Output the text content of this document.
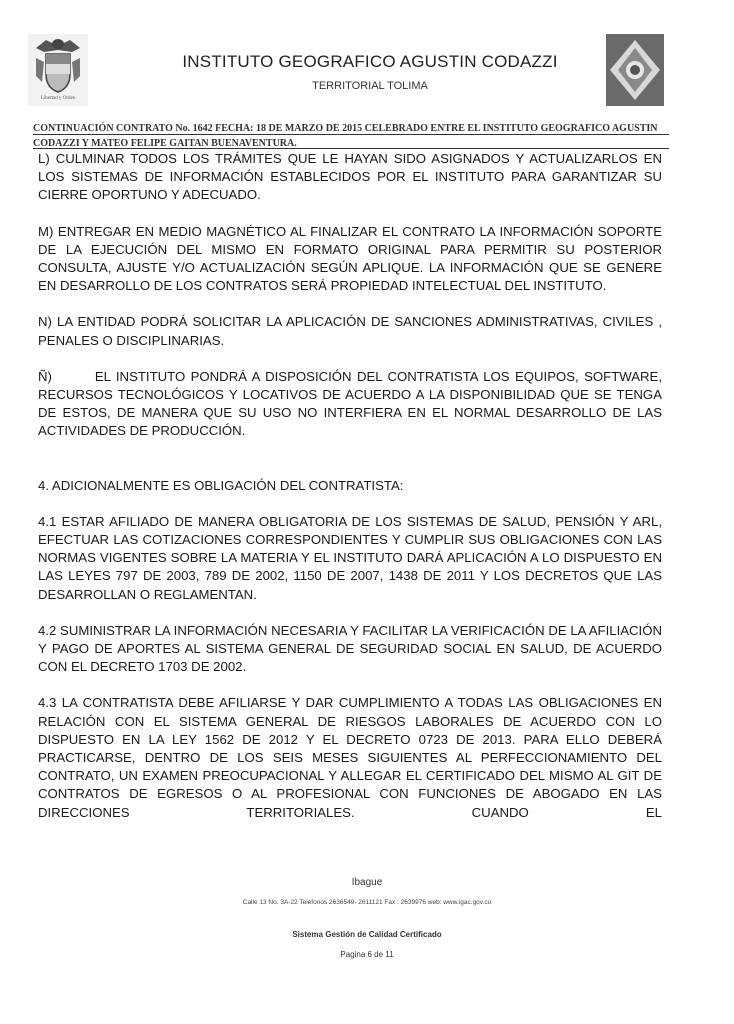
Libertad y Orden
INSTITUTO GEOGRAFICO AGUSTIN CODAZZI
TERRITORIAL TOLIMA
CONTINUACIÓN CONTRATO No. 1642 FECHA: 18 DE MARZO DE 2015 CELEBRADO ENTRE EL INSTITUTO GEOGRAFICO AGUSTIN CODAZZI Y MATEO FELIPE GAITAN BUENAVENTURA.

L) CULMINAR TODOS LOS TRÁMITES QUE LE HAYAN SIDO ASIGNADOS Y ACTUALIZARLOS EN LOS SISTEMAS DE INFORMACIÓN ESTABLECIDOS POR EL INSTITUTO PARA GARANTIZAR SU CIERRE OPORTUNO Y ADECUADO.

M) ENTREGAR EN MEDIO MAGNÉTICO AL FINALIZAR EL CONTRATO LA INFORMACIÓN SOPORTE DE LA EJECUCIÓN DEL MISMO EN FORMATO ORIGINAL PARA PERMITIR SU POSTERIOR CONSULTA, AJUSTE Y/O ACTUALIZACIÓN SEGÚN APLIQUE. LA INFORMACIÓN QUE SE GENERE EN DESARROLLO DE LOS CONTRATOS SERÁ PROPIEDAD INTELECTUAL DEL INSTITUTO.

N) LA ENTIDAD PODRÁ SOLICITAR LA APLICACIÓN DE SANCIONES ADMINISTRATIVAS, CIVILES , PENALES O DISCIPLINARIAS.

Ñ)        EL INSTITUTO PONDRÁ A DISPOSICIÓN DEL CONTRATISTA LOS EQUIPOS, SOFTWARE, RECURSOS TECNOLÓGICOS Y LOCATIVOS DE ACUERDO A LA DISPONIBILIDAD QUE SE TENGA DE ESTOS, DE MANERA QUE SU USO NO INTERFIERA EN EL NORMAL DESARROLLO DE LAS ACTIVIDADES DE PRODUCCIÓN.

4. ADICIONALMENTE ES OBLIGACIÓN DEL CONTRATISTA:

4.1 ESTAR AFILIADO DE MANERA OBLIGATORIA DE LOS SISTEMAS DE SALUD, PENSIÓN Y ARL, EFECTUAR LAS COTIZACIONES CORRESPONDIENTES Y CUMPLIR SUS OBLIGACIONES CON LAS NORMAS VIGENTES SOBRE LA MATERIA Y EL INSTITUTO DARÁ APLICACIÓN A LO DISPUESTO EN LAS LEYES 797 DE 2003, 789 DE 2002, 1150 DE 2007, 1438 DE 2011 Y LOS DECRETOS QUE LAS DESARROLLAN O REGLAMENTAN.

4.2 SUMINISTRAR LA INFORMACIÓN NECESARIA Y FACILITAR LA VERIFICACIÓN DE LA AFILIACIÓN Y PAGO DE APORTES AL SISTEMA GENERAL DE SEGURIDAD SOCIAL EN SALUD, DE ACUERDO CON EL DECRETO 1703 DE 2002.

4.3 LA CONTRATISTA DEBE AFILIARSE Y DAR CUMPLIMIENTO A TODAS LAS OBLIGACIONES EN RELACIÓN CON EL SISTEMA GENERAL DE RIESGOS LABORALES DE ACUERDO CON LO DISPUESTO EN LA LEY 1562 DE 2012 Y EL DECRETO 0723 DE 2013. PARA ELLO DEBERÁ PRACTICARSE, DENTRO DE LOS SEIS MESES SIGUIENTES AL PERFECCIONAMIENTO DEL CONTRATO, UN EXAMEN PREOCUPACIONAL Y ALLEGAR EL CERTIFICADO DEL MISMO AL GIT DE CONTRATOS DE EGRESOS O AL PROFESIONAL CON FUNCIONES DE ABOGADO EN LAS DIRECCIONES TERRITORIALES. CUANDO EL

Ibague
Calle 13 No. 3A-22 Teléfonos 2636549- 2611121 Fax : 2639976 web: www.igac.gov.co
Sistema Gestión de Calidad Certificado
Pagina 6 de 11
